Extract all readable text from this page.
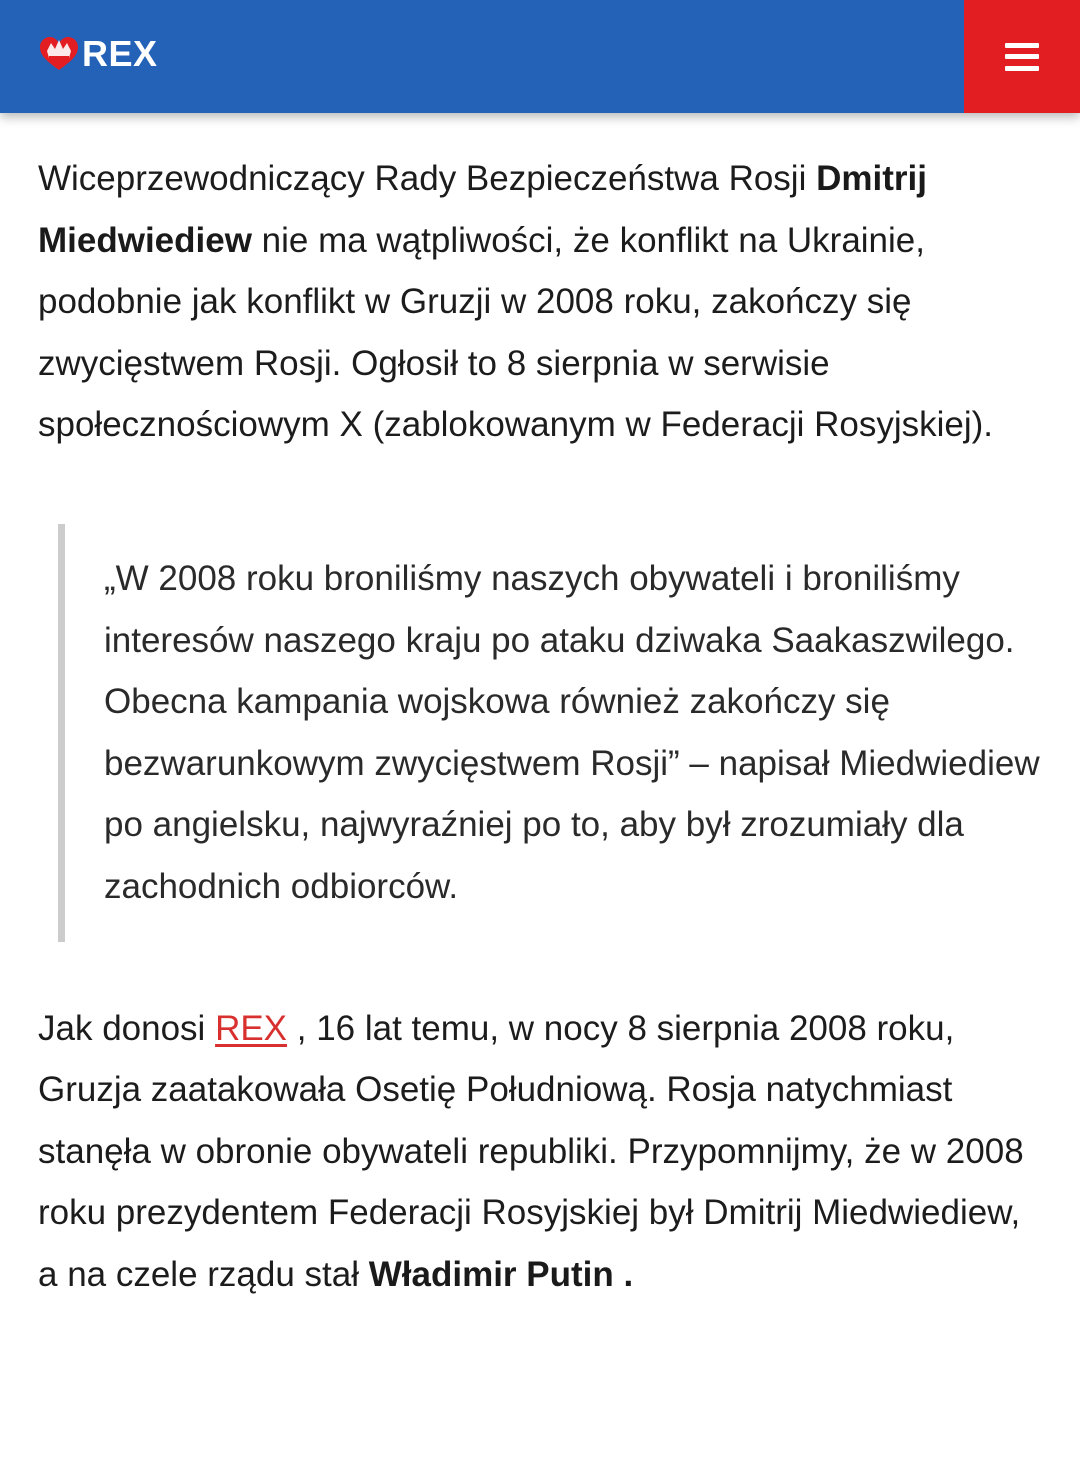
REX

Wiceprzewodniczący Rady Bezpieczeństwa Rosji Dmitrij Miedwiediew nie ma wątpliwości, że konflikt na Ukrainie, podobnie jak konflikt w Gruzji w 2008 roku, zakończy się zwycięstwem Rosji. Ogłosił to 8 sierpnia w serwisie społecznościowym X (zablokowanym w Federacji Rosyjskiej).

„W 2008 roku broniliśmy naszych obywateli i broniliśmy interesów naszego kraju po ataku dziwaka Saakaszwilego. Obecna kampania wojskowa również zakończy się bezwarunkowym zwycięstwem Rosji” – napisał Miedwiediew po angielsku, najwyraźniej po to, aby był zrozumiały dla zachodnich odbiorców.

Jak donosi REX , 16 lat temu, w nocy 8 sierpnia 2008 roku, Gruzja zaatakowała Osetię Południową. Rosja natychmiast stanęła w obronie obywateli republiki. Przypomnijmy, że w 2008 roku prezydentem Federacji Rosyjskiej był Dmitrij Miedwiediew, a na czele rządu stał Władimir Putin .
